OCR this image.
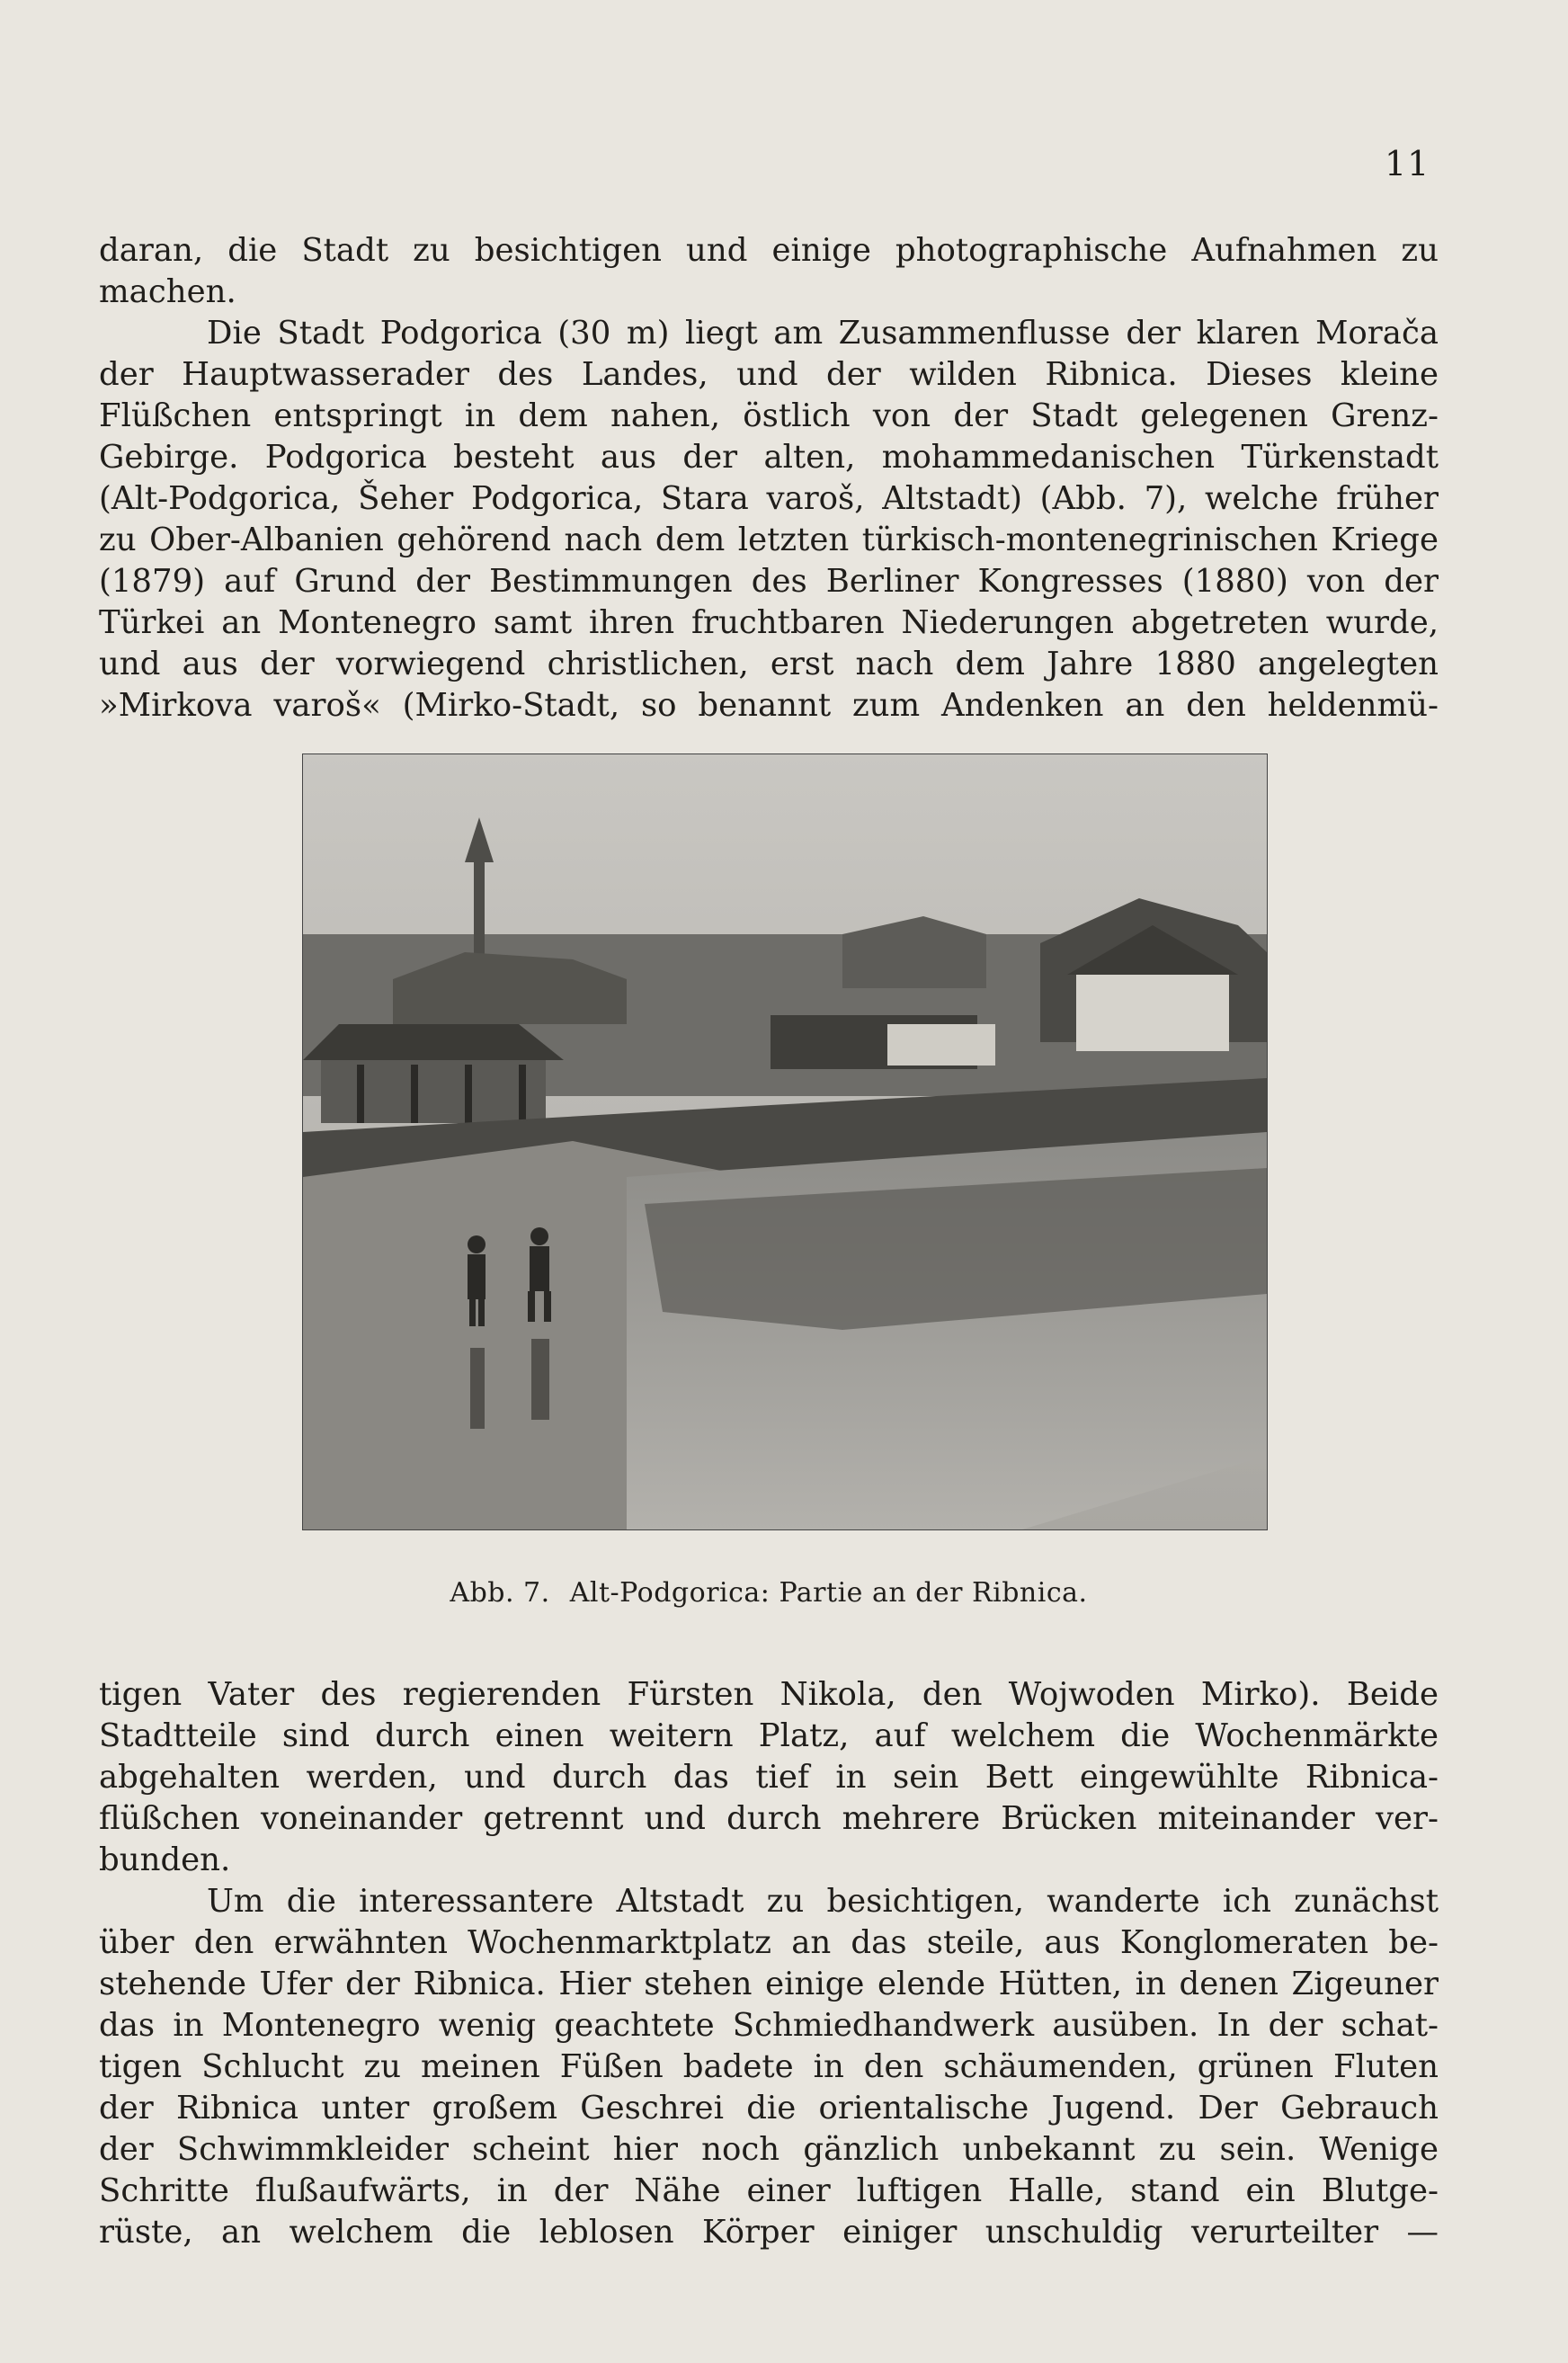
11
daran, die Stadt zu besichtigen und einige photographische Aufnahmen zu
machen.
Die Stadt Podgorica (30 m) liegt am Zusammenflusse der klaren Morača
der Hauptwasserader des Landes, und der wilden Ribnica. Dieses kleine
Flüßchen entspringt in dem nahen, östlich von der Stadt gelegenen Grenz-
Gebirge. Podgorica besteht aus der alten, mohammedanischen Türkenstadt
(Alt-Podgorica, Šeher Podgorica, Stara varoš, Altstadt) (Abb. 7), welche früher
zu Ober-Albanien gehörend nach dem letzten türkisch-montenegrinischen Kriege
(1879) auf Grund der Bestimmungen des Berliner Kongresses (1880) von der
Türkei an Montenegro samt ihren fruchtbaren Niederungen abgetreten wurde,
und aus der vorwiegend christlichen, erst nach dem Jahre 1880 angelegten
»Mirkova varoš« (Mirko-Stadt, so benannt zum Andenken an den heldenmü-
Abb. 7. Alt-Podgorica: Partie an der Ribnica.
tigen Vater des regierenden Fürsten Nikola, den Wojwoden Mirko). Beide
Stadtteile sind durch einen weitern Platz, auf welchem die Wochenmärkte
abgehalten werden, und durch das tief in sein Bett eingewühlte Ribnica-
flüßchen voneinander getrennt und durch mehrere Brücken miteinander ver-
bunden.
Um die interessantere Altstadt zu besichtigen, wanderte ich zunächst
über den erwähnten Wochenmarktplatz an das steile, aus Konglomeraten be-
stehende Ufer der Ribnica. Hier stehen einige elende Hütten, in denen Zigeuner
das in Montenegro wenig geachtete Schmiedhandwerk ausüben. In der schat-
tigen Schlucht zu meinen Füßen badete in den schäumenden, grünen Fluten
der Ribnica unter großem Geschrei die orientalische Jugend. Der Gebrauch
der Schwimmkleider scheint hier noch gänzlich unbekannt zu sein. Wenige
Schritte flußaufwärts, in der Nähe einer luftigen Halle, stand ein Blutge-
rüste, an welchem die leblosen Körper einiger unschuldig verurteilter —
